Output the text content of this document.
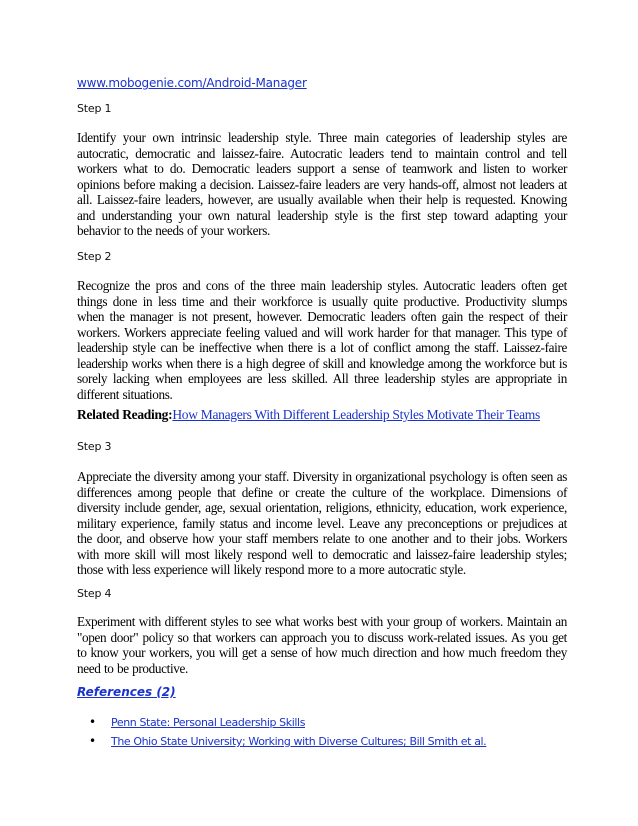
www.mobogenie.com/Android-Manager
Step 1
Identify your own intrinsic leadership style. Three main categories of leadership styles are autocratic, democratic and laissez-faire. Autocratic leaders tend to maintain control and tell workers what to do. Democratic leaders support a sense of teamwork and listen to worker opinions before making a decision. Laissez-faire leaders are very hands-off, almost not leaders at all. Laissez-faire leaders, however, are usually available when their help is requested. Knowing and understanding your own natural leadership style is the first step toward adapting your behavior to the needs of your workers.
Step 2
Recognize the pros and cons of the three main leadership styles. Autocratic leaders often get things done in less time and their workforce is usually quite productive. Productivity slumps when the manager is not present, however. Democratic leaders often gain the respect of their workers. Workers appreciate feeling valued and will work harder for that manager. This type of leadership style can be ineffective when there is a lot of conflict among the staff. Laissez-faire leadership works when there is a high degree of skill and knowledge among the workforce but is sorely lacking when employees are less skilled. All three leadership styles are appropriate in different situations.
Related Reading:How Managers With Different Leadership Styles Motivate Their Teams
Step 3
Appreciate the diversity among your staff. Diversity in organizational psychology is often seen as differences among people that define or create the culture of the workplace. Dimensions of diversity include gender, age, sexual orientation, religions, ethnicity, education, work experience, military experience, family status and income level. Leave any preconceptions or prejudices at the door, and observe how your staff members relate to one another and to their jobs. Workers with more skill will most likely respond well to democratic and laissez-faire leadership styles; those with less experience will likely respond more to a more autocratic style.
Step 4
Experiment with different styles to see what works best with your group of workers. Maintain an "open door" policy so that workers can approach you to discuss work-related issues. As you get to know your workers, you will get a sense of how much direction and how much freedom they need to be productive.
References (2)
• Penn State: Personal Leadership Skills
• The Ohio State University; Working with Diverse Cultures; Bill Smith et al.
